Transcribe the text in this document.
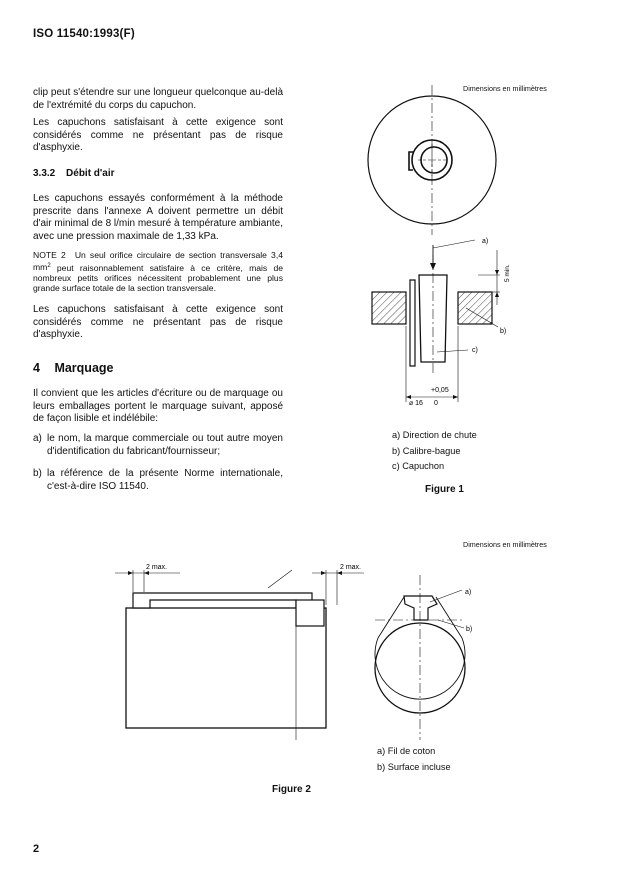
ISO 11540:1993(F)
clip peut s'étendre sur une longueur quelconque au-delà de l'extrémité du corps du capuchon.
Les capuchons satisfaisant à cette exigence sont considérés comme ne présentant pas de risque d'asphyxie.
3.3.2 Débit d'air
Les capuchons essayés conformément à la méthode prescrite dans l'annexe A doivent permettre un débit d'air minimal de 8 l/min mesuré à température ambiante, avec une pression maximale de 1,33 kPa.
NOTE 2 Un seul orifice circulaire de section transversale 3,4 $mm^2$ peut raisonnablement satisfaire à ce critère, mais de nombreux petits orifices nécessitent probablement une plus grande surface totale de la section transversale.
Les capuchons satisfaisant à cette exigence sont considérés comme ne présentant pas de risque d'asphyxie.
4 Marquage
Il convient que les articles d'écriture ou de marquage ou leurs emballages portent le marquage suivant, apposé de façon lisible et indélébile:
a) le nom, la marque commerciale ou tout autre moyen d'identification du fabricant/fournisseur;
b) la référence de la présente Norme internationale, c'est-à-dire ISO 11540.
Dimensions en millimètres
a)
b)
c)
5 min.
+0,05
⌀ 16 0
a) Direction de chute
b) Calibre-bague
c) Capuchon
Figure 1
Dimensions en millimètres
2 max.	2 max.
a)
b)
a) Fil de coton
b) Surface incluse
Figure 2
2
